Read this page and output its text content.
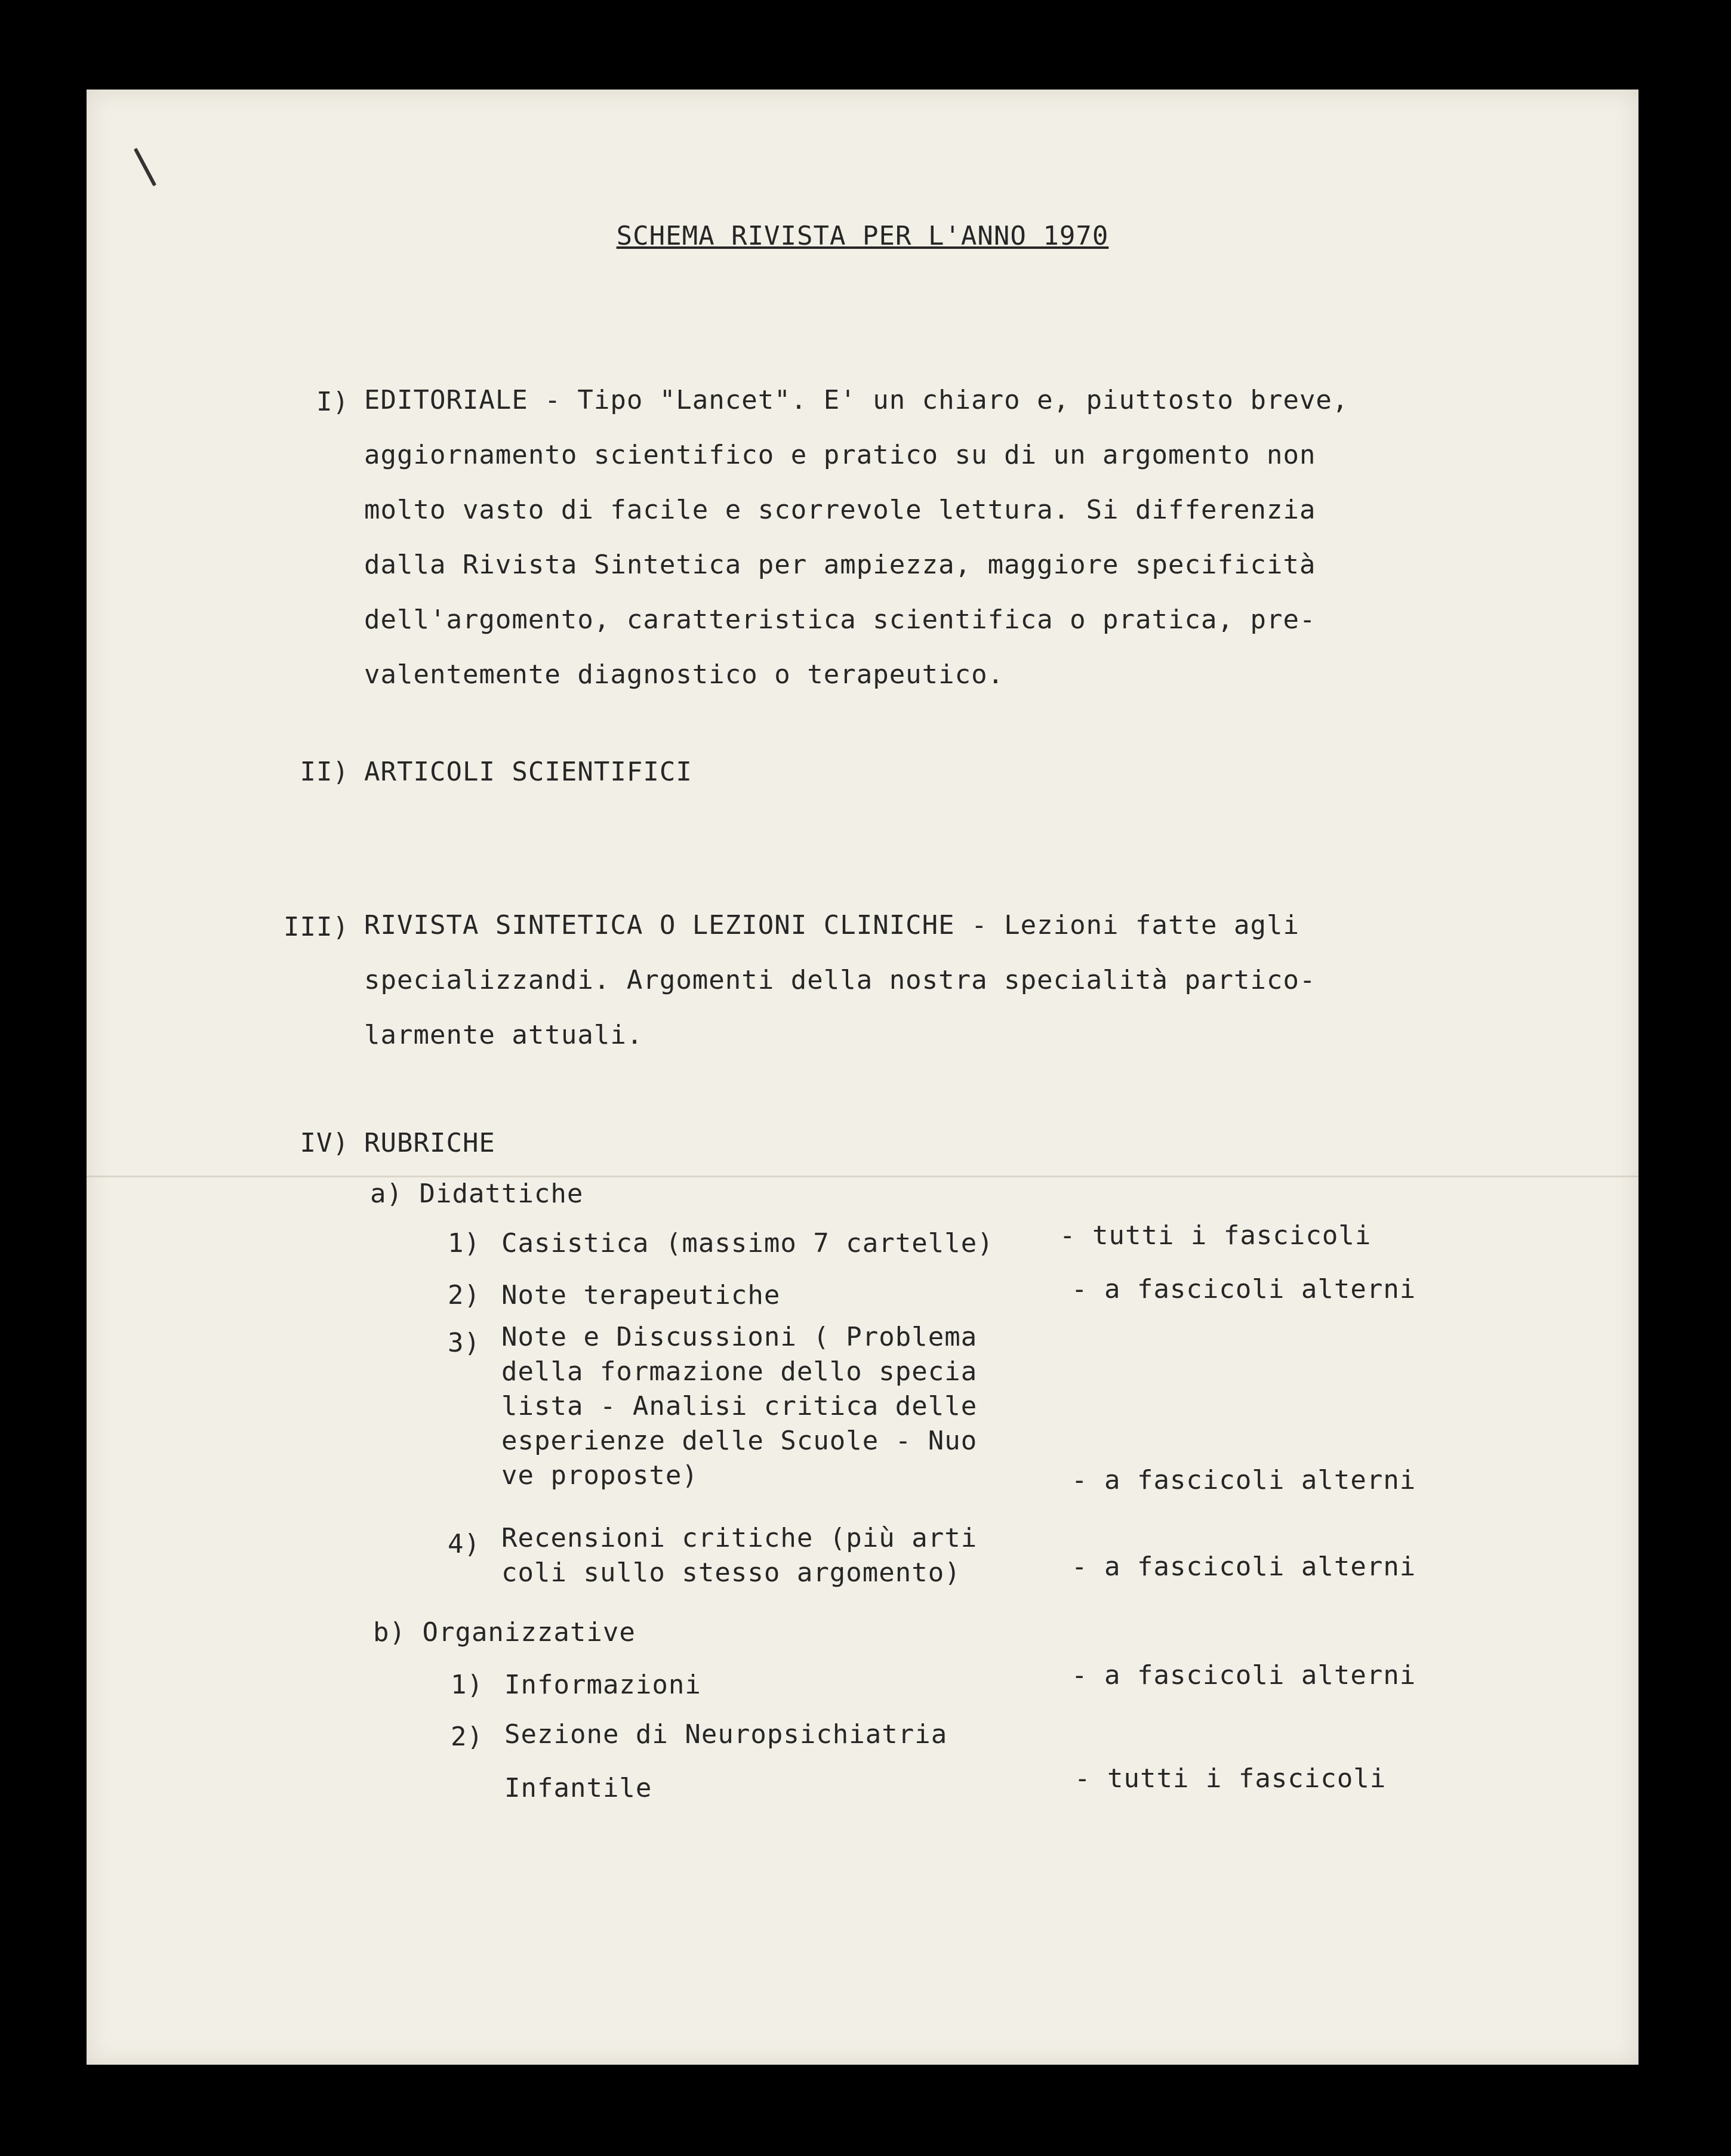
SCHEMA RIVISTA PER L'ANNO 1970
I) EDITORIALE - Tipo "Lancet". E' un chiaro e, piuttosto breve,
aggiornamento scientifico e pratico su di un argomento non
molto vasto di facile e scorrevole lettura. Si differenzia
dalla Rivista Sintetica per ampiezza, maggiore specificità
dell'argomento, caratteristica scientifica o pratica, pre-
valentemente diagnostico o terapeutico.
II) ARTICOLI SCIENTIFICI
III) RIVISTA SINTETICA O LEZIONI CLINICHE - Lezioni fatte agli
specializzandi. Argomenti della nostra specialità partico-
larmente attuali.
IV) RUBRICHE
a) Didattiche
1) Casistica (massimo 7 cartelle)	- tutti i fascicoli
2) Note terapeutiche	- a fascicoli alterni
3) Note e Discussioni ( Problema
della formazione dello specia
lista - Analisi critica delle
esperienze delle Scuole - Nuo
ve proposte)	- a fascicoli alterni
4) Recensioni critiche (più arti
coli sullo stesso argomento)	- a fascicoli alterni
b) Organizzative
1) Informazioni	- a fascicoli alterni
2) Sezione di Neuropsichiatria
Infantile	- tutti i fascicoli
